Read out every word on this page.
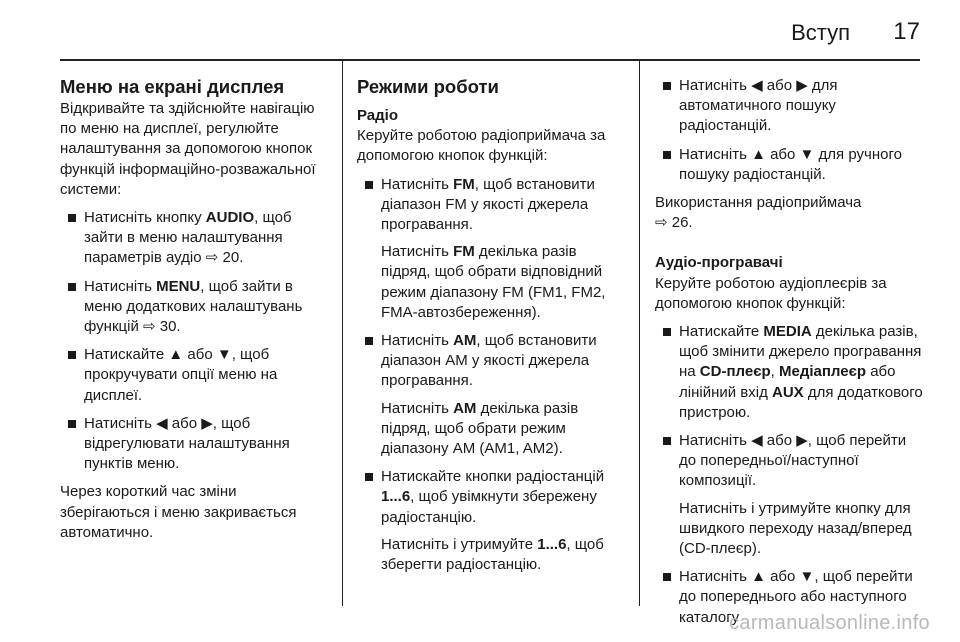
Вступ 17
Меню на екрані дисплея

Відкривайте та здійснюйте навігацію по меню на дисплеї, регулюйте налаштування за допомогою кнопок функцій інформаційно-розважальної системи:

Натисніть кнопку AUDIO, щоб зайти в меню налаштування параметрів аудіо ⇨ 20.
Натисніть MENU, щоб зайти в меню додаткових налаштувань функцій ⇨ 30.
Натискайте ▲ або ▼, щоб прокручувати опції меню на дисплеї.
Натисніть ◀ або ▶, щоб відрегулювати налаштування пунктів меню.

Через короткий час зміни зберігаються і меню закривається автоматично.

Режими роботи
Радіо

Керуйте роботою радіоприймача за допомогою кнопок функцій:

Натисніть FM, щоб встановити діапазон FM у якості джерела програвання.
Натисніть FM декілька разів підряд, щоб обрати відповідний режим діапазону FM (FM1, FM2, FMA-автозбереження).
Натисніть AM, щоб встановити діапазон AM у якості джерела програвання.
Натисніть AM декілька разів підряд, щоб обрати режим діапазону AM (AM1, AM2).
Натискайте кнопки радіостанцій 1...6, щоб увімкнути збережену радіостанцію.
Натисніть і утримуйте 1...6, щоб зберегти радіостанцію.
Натисніть ◀ або ▶ для автоматичного пошуку радіостанцій.
Натисніть ▲ або ▼ для ручного пошуку радіостанцій.

Використання радіоприймача
⇨ 26.

Аудіо-програвачі

Керуйте роботою аудіоплеєрів за допомогою кнопок функцій:

Натискайте MEDIA декілька разів, щоб змінити джерело програвання на CD-плеєр, Медіаплеєр або лінійний вхід AUX для додаткового пристрою.
Натисніть ◀ або ▶, щоб перейти до попередньої/наступної композиції.
Натисніть і утримуйте кнопку для швидкого переходу назад/вперед (CD-плеєр).
Натисніть ▲ або ▼, щоб перейти до попереднього або наступного каталогу
carmanualsonline.info
